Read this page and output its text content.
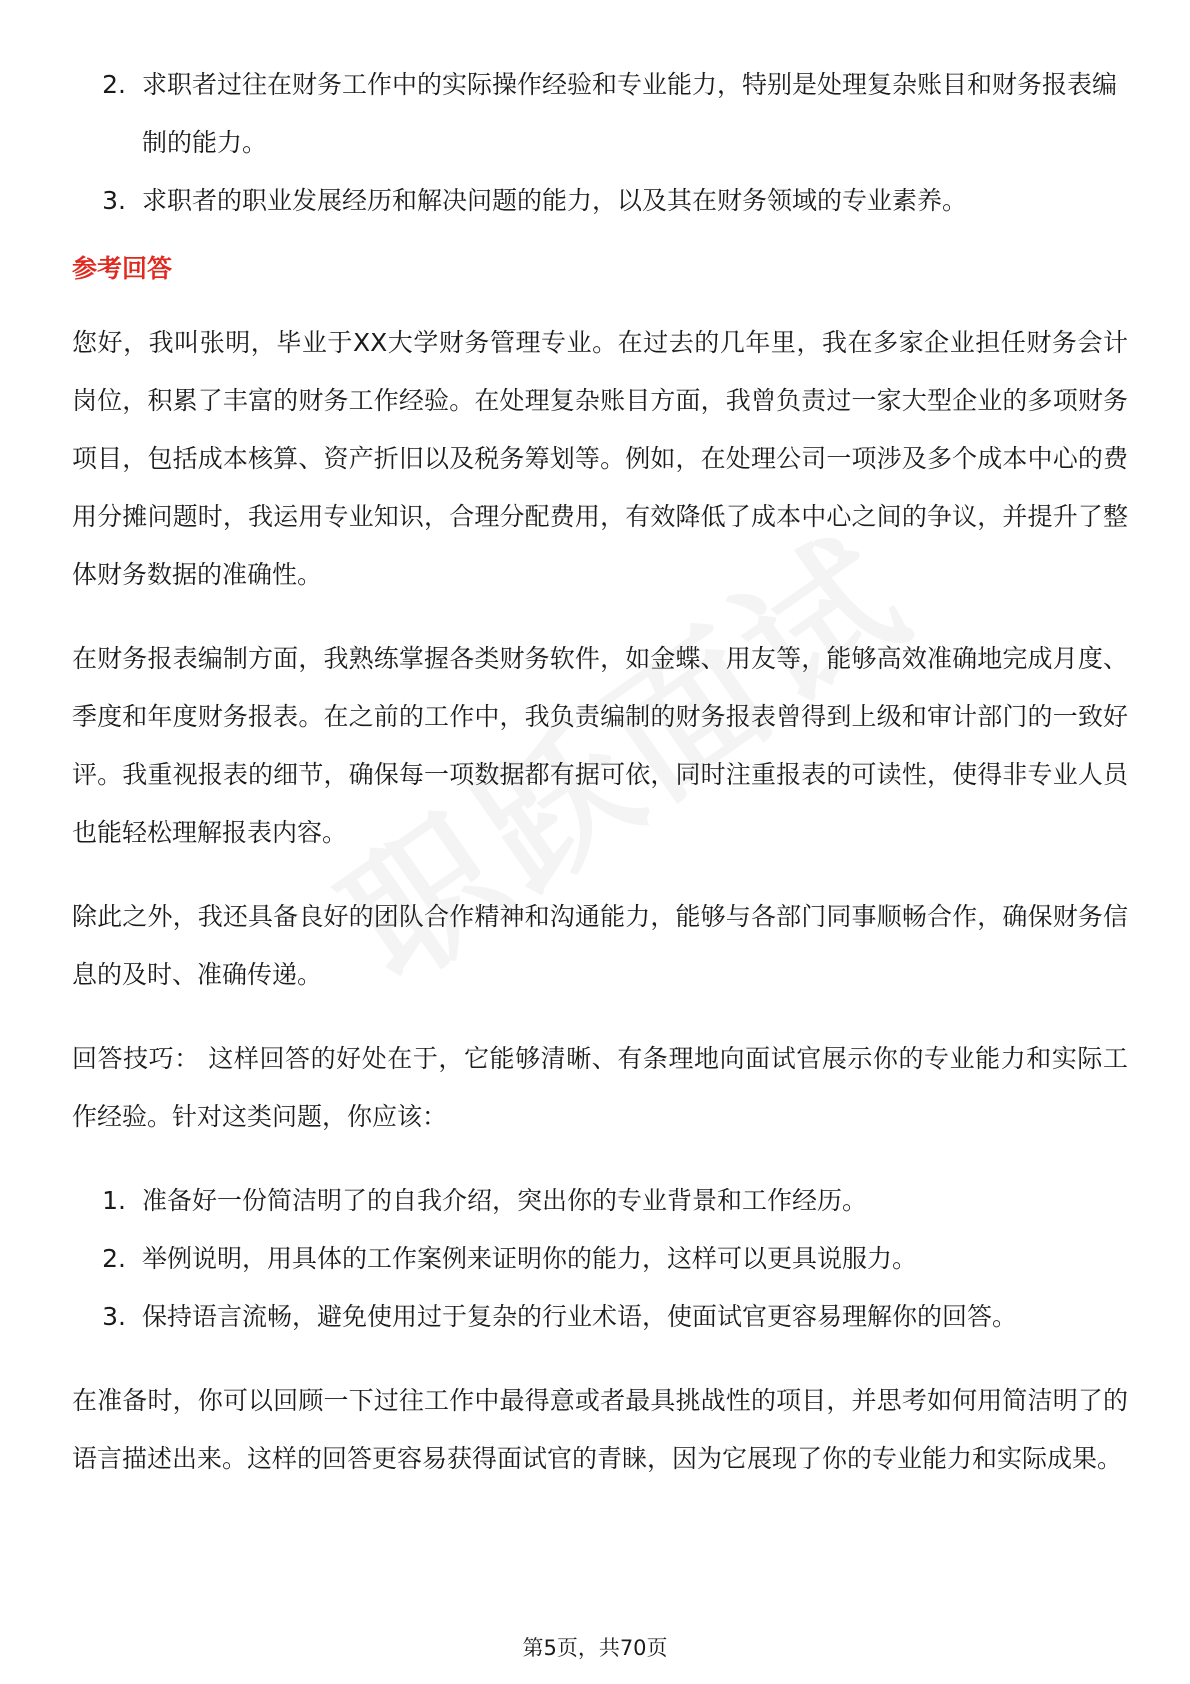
2. 求职者过往在财务工作中的实际操作经验和专业能力，特别是处理复杂账目和财务报表编制的能力。
3. 求职者的职业发展经历和解决问题的能力，以及其在财务领域的专业素养。
参考回答

您好，我叫张明，毕业于XX大学财务管理专业。在过去的几年里，我在多家企业担任财务会计岗位，积累了丰富的财务工作经验。在处理复杂账目方面，我曾负责过一家大型企业的多项财务项目，包括成本核算、资产折旧以及税务筹划等。例如，在处理公司一项涉及多个成本中心的费用分摊问题时，我运用专业知识，合理分配费用，有效降低了成本中心之间的争议，并提升了整体财务数据的准确性。

在财务报表编制方面，我熟练掌握各类财务软件，如金蝶、用友等，能够高效准确地完成月度、季度和年度财务报表。在之前的工作中，我负责编制的财务报表曾得到上级和审计部门的一致好评。我重视报表的细节，确保每一项数据都有据可依，同时注重报表的可读性，使得非专业人员也能轻松理解报表内容。

除此之外，我还具备良好的团队合作精神和沟通能力，能够与各部门同事顺畅合作，确保财务信息的及时、准确传递。

回答技巧： 这样回答的好处在于，它能够清晰、有条理地向面试官展示你的专业能力和实际工作经验。针对这类问题，你应该：

1. 准备好一份简洁明了的自我介绍，突出你的专业背景和工作经历。
2. 举例说明，用具体的工作案例来证明你的能力，这样可以更具说服力。
3. 保持语言流畅，避免使用过于复杂的行业术语，使面试官更容易理解你的回答。

在准备时，你可以回顾一下过往工作中最得意或者最具挑战性的项目，并思考如何用简洁明了的语言描述出来。这样的回答更容易获得面试官的青睐，因为它展现了你的专业能力和实际成果。

第5页，共70页
